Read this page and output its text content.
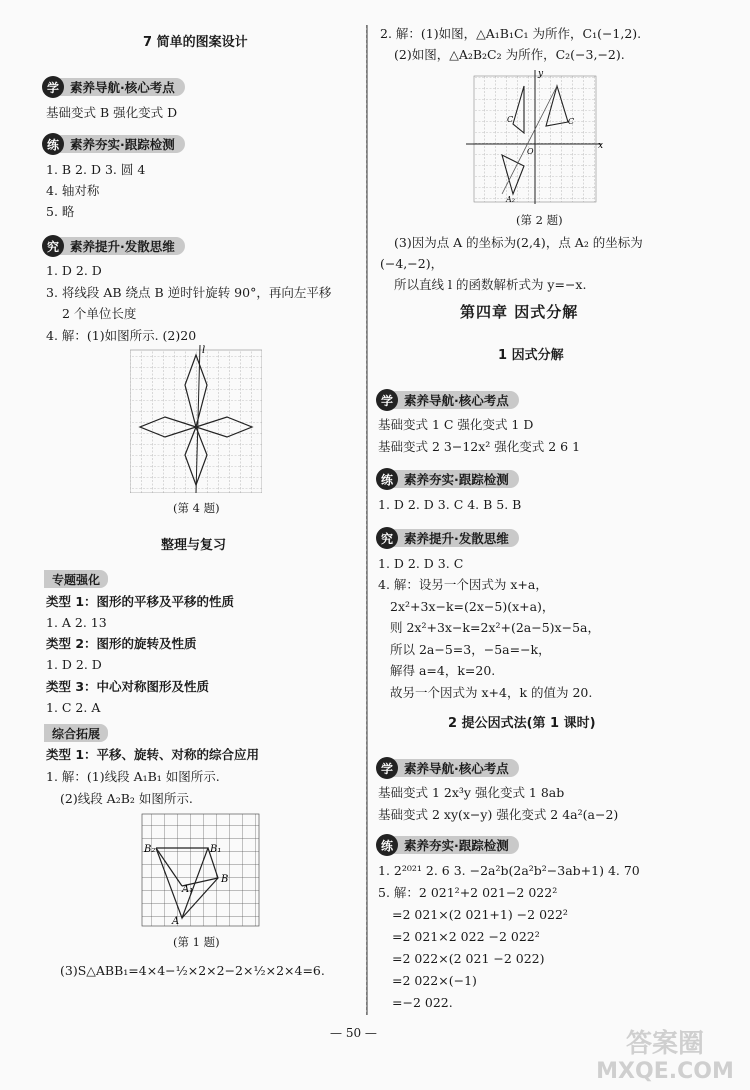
7 简单的图案设计
学 素养导航·核心考点
基础变式 B 强化变式 D
练 素养夯实·跟踪检测
1. B 2. D 3. 圆 4
4. 轴对称
5. 略
究 素养提升·发散思维
1. D 2. D
3. 将线段 AB 绕点 B 逆时针旋转 90°，再向左平移
2 个单位长度
4. 解：(1)如图所示. (2)20
l
(第 4 题)
整理与复习
专题强化
类型 1：图形的平移及平移的性质
1. A 2. 13
类型 2：图形的旋转及性质
1. D 2. D
类型 3：中心对称图形及性质
1. C 2. A
综合拓展
类型 1：平移、旋转、对称的综合应用
1. 解：(1)线段 A₁B₁ 如图所示.
(2)线段 A₂B₂ 如图所示.
B₂	B₁
A₁
B
A
(第 1 题)
(3)S△ABB₁=4×4−½×2×2−2×½×2×4=6.
2. 解：(1)如图，△A₁B₁C₁ 为所作，C₁(−1,2).
(2)如图，△A₂B₂C₂ 为所作，C₂(−3,−2).
x
y
O
C	C
A₂
(第 2 题)
(3)因为点 A 的坐标为(2,4)，点 A₂ 的坐标为
(−4,−2)，
所以直线 l 的函数解析式为 y=−x.
第四章 因式分解
1 因式分解
学 素养导航·核心考点
基础变式 1 C 强化变式 1 D
基础变式 2 3−12x² 强化变式 2 6 1
练 素养夯实·跟踪检测
1. D 2. D 3. C 4. B 5. B
究 素养提升·发散思维
1. D 2. D 3. C
4. 解：设另一个因式为 x+a，
2x²+3x−k=(2x−5)(x+a)，
则 2x²+3x−k=2x²+(2a−5)x−5a，
所以 2a−5=3，−5a=−k，
解得 a=4，k=20.
故另一个因式为 x+4，k 的值为 20.
2 提公因式法(第 1 课时)
学 素养导航·核心考点
基础变式 1 2x³y 强化变式 1 8ab
基础变式 2 xy(x−y) 强化变式 2 4a²(a−2)
练 素养夯实·跟踪检测
1. 2²⁰²¹ 2. 6 3. −2a²b(2a²b²−3ab+1) 4. 70
5. 解：2 021²+2 021−2 022²
=2 021×(2 021+1) −2 022²
=2 021×2 022 −2 022²
=2 022×(2 021 −2 022)
=2 022×(−1)
=−2 022.
— 50 —	答案圈
MXQE.COM
